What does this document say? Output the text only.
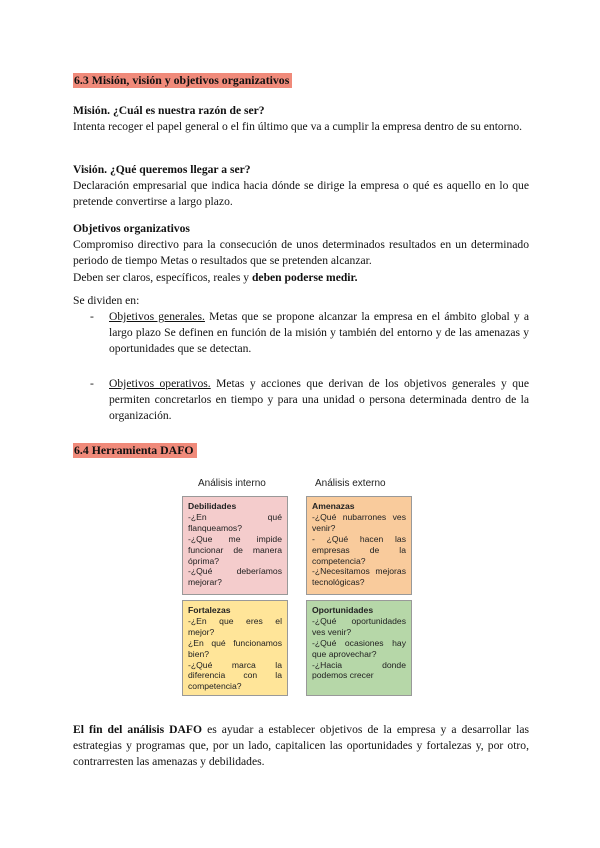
6.3 Misión, visión y objetivos organizativos

Misión. ¿Cuál es nuestra razón de ser?

Intenta recoger el papel general o el fin último que va a cumplir la empresa dentro de su entorno.

Visión. ¿Qué queremos llegar a ser?

Declaración empresarial que indica hacia dónde se dirige la empresa o qué es aquello en lo que pretende convertirse a largo plazo.

Objetivos organizativos

Compromiso directivo para la consecución de unos determinados resultados en un determinado periodo de tiempo Metas o resultados que se pretenden alcanzar.

Deben ser claros, específicos, reales y deben poderse medir.

Se dividen en:

- Objetivos generales. Metas que se propone alcanzar la empresa en el ámbito global y a largo plazo Se definen en función de la misión y también del entorno y de las amenazas y oportunidades que se detectan.
- Objetivos operativos. Metas y acciones que derivan de los objetivos generales y que permiten concretarlos en tiempo y para una unidad o persona determinada dentro de la organización.
6.4 Herramienta DAFO

El fin del análisis DAFO es ayudar a establecer objetivos de la empresa y a desarrollar las estrategias y programas que, por un lado, capitalicen las oportunidades y fortalezas y, por otro, contrarresten las amenazas y debilidades.

Análisis interno	Análisis externo
Debilidades
-¿En qué
flanqueamos?
-¿Que me impide
funcionar de manera
óprima?
-¿Qué deberíamos
mejorar?
Amenazas
-¿Qué nubarrones ves
venir?
- ¿Qué hacen las
empresas de la
competencia?
-¿Necesitamos mejoras
tecnológicas?
Fortalezas
-¿En que eres el
mejor?
¿En qué funcionamos
bien?
-¿Qué marca la
diferencia con la
competencia?
Oportunidades
-¿Qué oportunidades
ves venir?
-¿Qué ocasiones hay
que aprovechar?
-¿Hacia donde
podemos crecer
